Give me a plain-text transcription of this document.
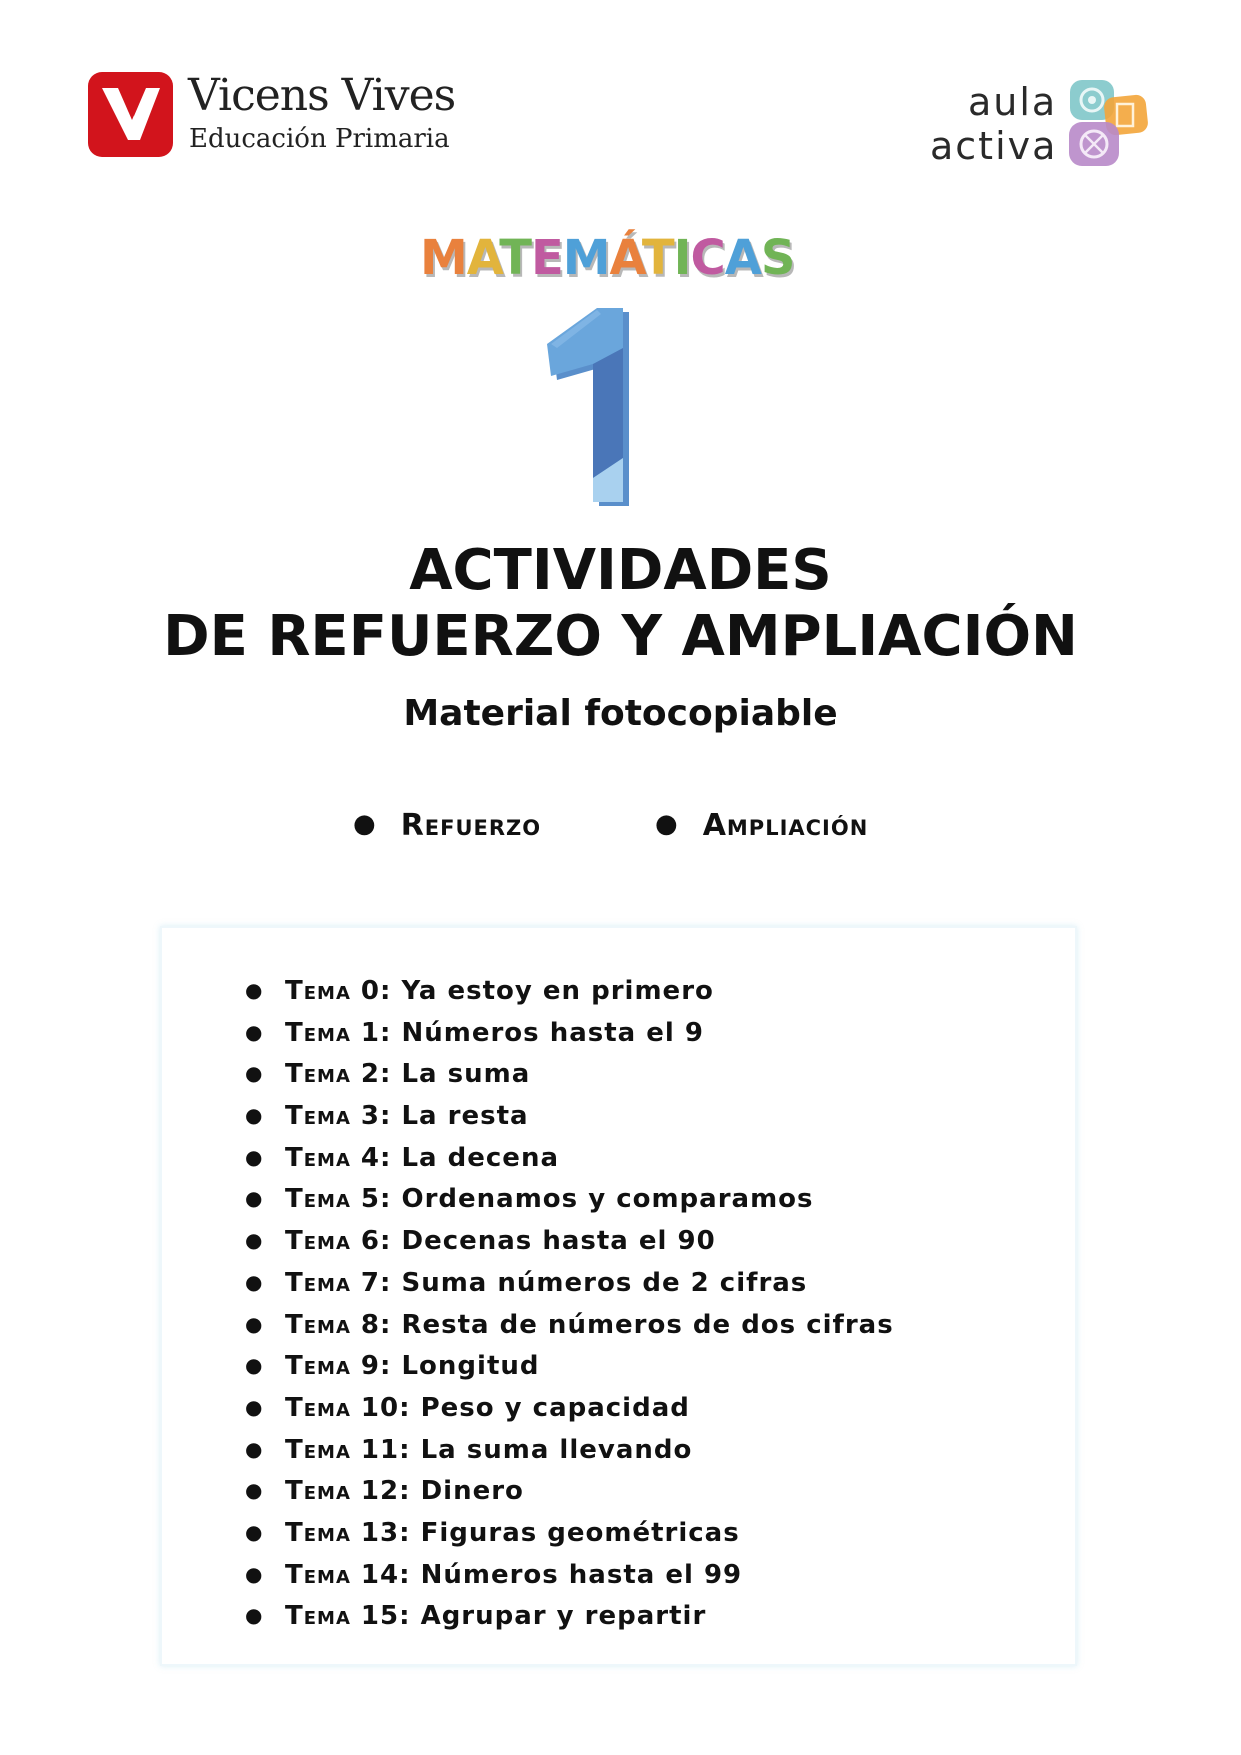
Vicens Vives
Educación Primaria
aula
activa
MATEMÁTICAS
1
ACTIVIDADES
DE REFUERZO Y AMPLIACIÓN
Material fotocopiable
● Refuerzo	● Ampliación
● Tema 0: Ya estoy en primero
● Tema 1: Números hasta el 9
● Tema 2: La suma
● Tema 3: La resta
● Tema 4: La decena
● Tema 5: Ordenamos y comparamos
● Tema 6: Decenas hasta el 90
● Tema 7: Suma números de 2 cifras
● Tema 8: Resta de números de dos cifras
● Tema 9: Longitud
● Tema 10: Peso y capacidad
● Tema 11: La suma llevando
● Tema 12: Dinero
● Tema 13: Figuras geométricas
● Tema 14: Números hasta el 99
● Tema 15: Agrupar y repartir
